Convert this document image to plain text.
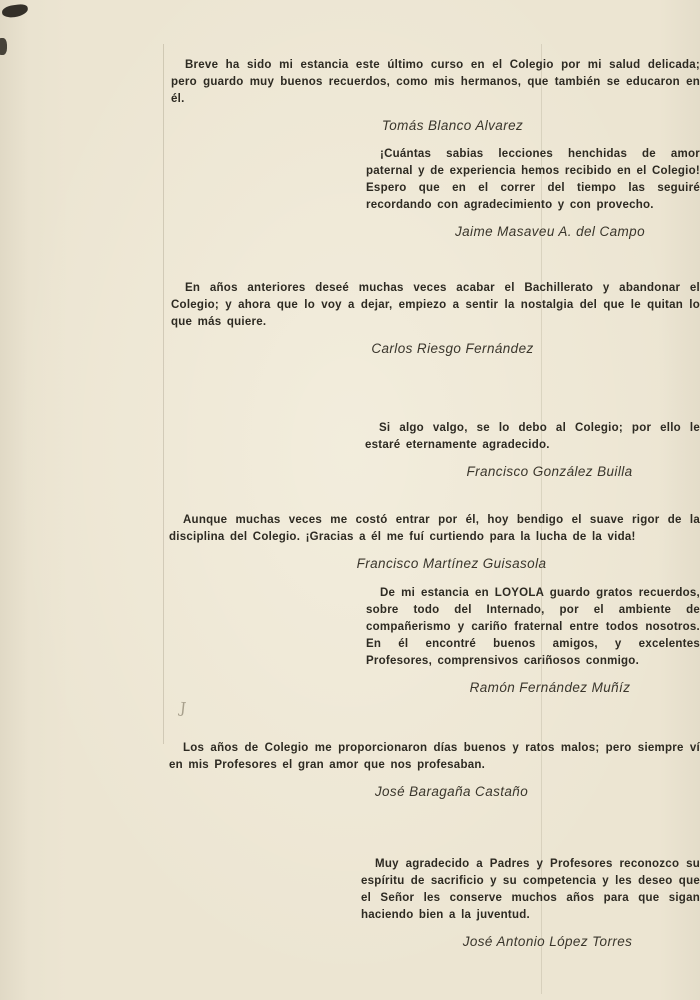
J

Breve ha sido mi estancia este último curso en el Colegio por mi salud delicada; pero guardo muy buenos recuerdos, como mis hermanos, que también se educaron en él.

Tomás Blanco Alvarez

¡Cuántas sabias lecciones henchidas de amor paternal y de experiencia hemos recibido en el Colegio! Espero que en el correr del tiempo las seguiré recordando con agradecimiento y con provecho.

Jaime Masaveu A. del Campo

En años anteriores deseé muchas veces acabar el Bachillerato y abandonar el Colegio; y ahora que lo voy a dejar, empiezo a sentir la nostalgia del que le quitan lo que más quiere.

Carlos Riesgo Fernández

Si algo valgo, se lo debo al Colegio; por ello le estaré eternamente agradecido.

Francisco González Builla

Aunque muchas veces me costó entrar por él, hoy bendigo el suave rigor de la disciplina del Colegio. ¡Gracias a él me fuí curtiendo para la lucha de la vida!

Francisco Martínez Guisasola

De mi estancia en LOYOLA guardo gratos recuerdos, sobre todo del Internado, por el ambiente de compañerismo y cariño fraternal entre todos nosotros. En él encontré buenos amigos, y excelentes Profesores, comprensivos cariñosos conmigo.

Ramón Fernández Muñíz

Los años de Colegio me proporcionaron días buenos y ratos malos; pero siempre ví en mis Profesores el gran amor que nos profesaban.

José Baragaña Castaño

Muy agradecido a Padres y Profesores reconozco su espíritu de sacrificio y su competencia y les deseo que el Señor les conserve muchos años para que sigan haciendo bien a la juventud.

José Antonio López Torres
